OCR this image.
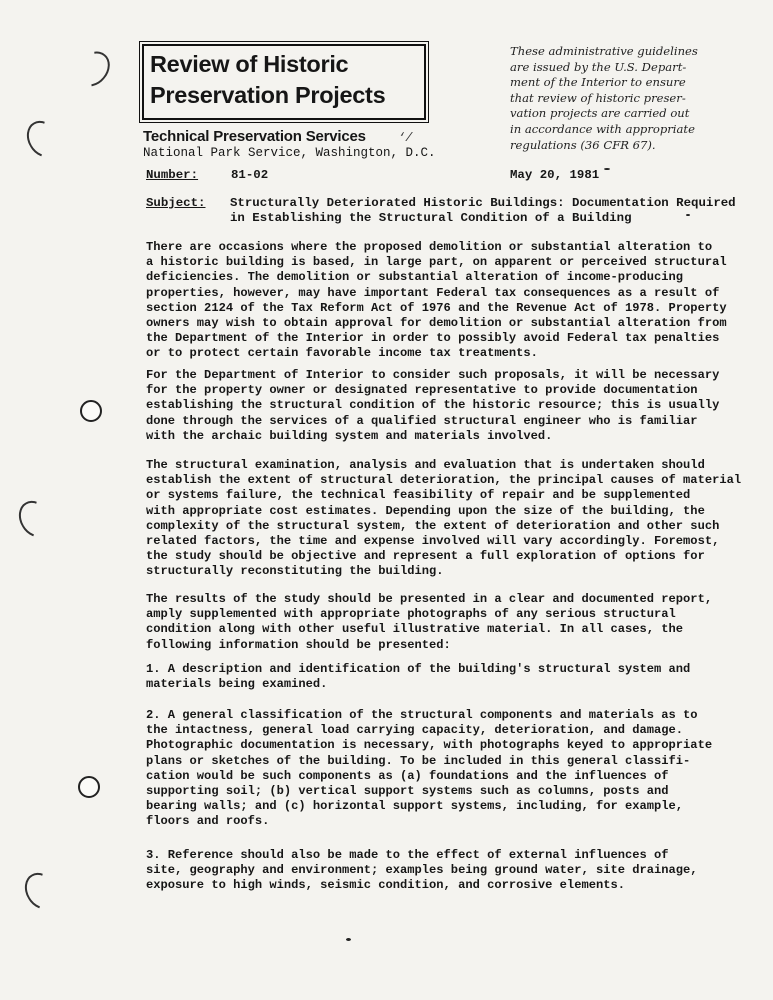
Review of Historic
Preservation Projects
These administrative guidelines
are issued by the U.S. Depart-
ment of the Interior to ensure
that review of historic preser-
vation projects are carried out
in accordance with appropriate
regulations (36 CFR 67).
Technical Preservation Services
National Park Service, Washington, D.C.
‘/
Number:	81-02	May 20, 1981
Subject: Structurally Deteriorated Historic Buildings: Documentation Required
in Establishing the Structural Condition of a Building
There are occasions where the proposed demolition or substantial alteration to
a historic building is based, in large part, on apparent or perceived structural
deficiencies. The demolition or substantial alteration of income-producing
properties, however, may have important Federal tax consequences as a result of
section 2124 of the Tax Reform Act of 1976 and the Revenue Act of 1978. Property
owners may wish to obtain approval for demolition or substantial alteration from
the Department of the Interior in order to possibly avoid Federal tax penalties
or to protect certain favorable income tax treatments.
For the Department of Interior to consider such proposals, it will be necessary
for the property owner or designated representative to provide documentation
establishing the structural condition of the historic resource; this is usually
done through the services of a qualified structural engineer who is familiar
with the archaic building system and materials involved.
The structural examination, analysis and evaluation that is undertaken should
establish the extent of structural deterioration, the principal causes of material
or systems failure, the technical feasibility of repair and be supplemented
with appropriate cost estimates. Depending upon the size of the building, the
complexity of the structural system, the extent of deterioration and other such
related factors, the time and expense involved will vary accordingly. Foremost,
the study should be objective and represent a full exploration of options for
structurally reconstituting the building.
The results of the study should be presented in a clear and documented report,
amply supplemented with appropriate photographs of any serious structural
condition along with other useful illustrative material. In all cases, the
following information should be presented:
1. A description and identification of the building's structural system and
materials being examined.
2. A general classification of the structural components and materials as to
the intactness, general load carrying capacity, deterioration, and damage.
Photographic documentation is necessary, with photographs keyed to appropriate
plans or sketches of the building. To be included in this general classifi-
cation would be such components as (a) foundations and the influences of
supporting soil; (b) vertical support systems such as columns, posts and
bearing walls; and (c) horizontal support systems, including, for example,
floors and roofs.
3. Reference should also be made to the effect of external influences of
site, geography and environment; examples being ground water, site drainage,
exposure to high winds, seismic condition, and corrosive elements.
